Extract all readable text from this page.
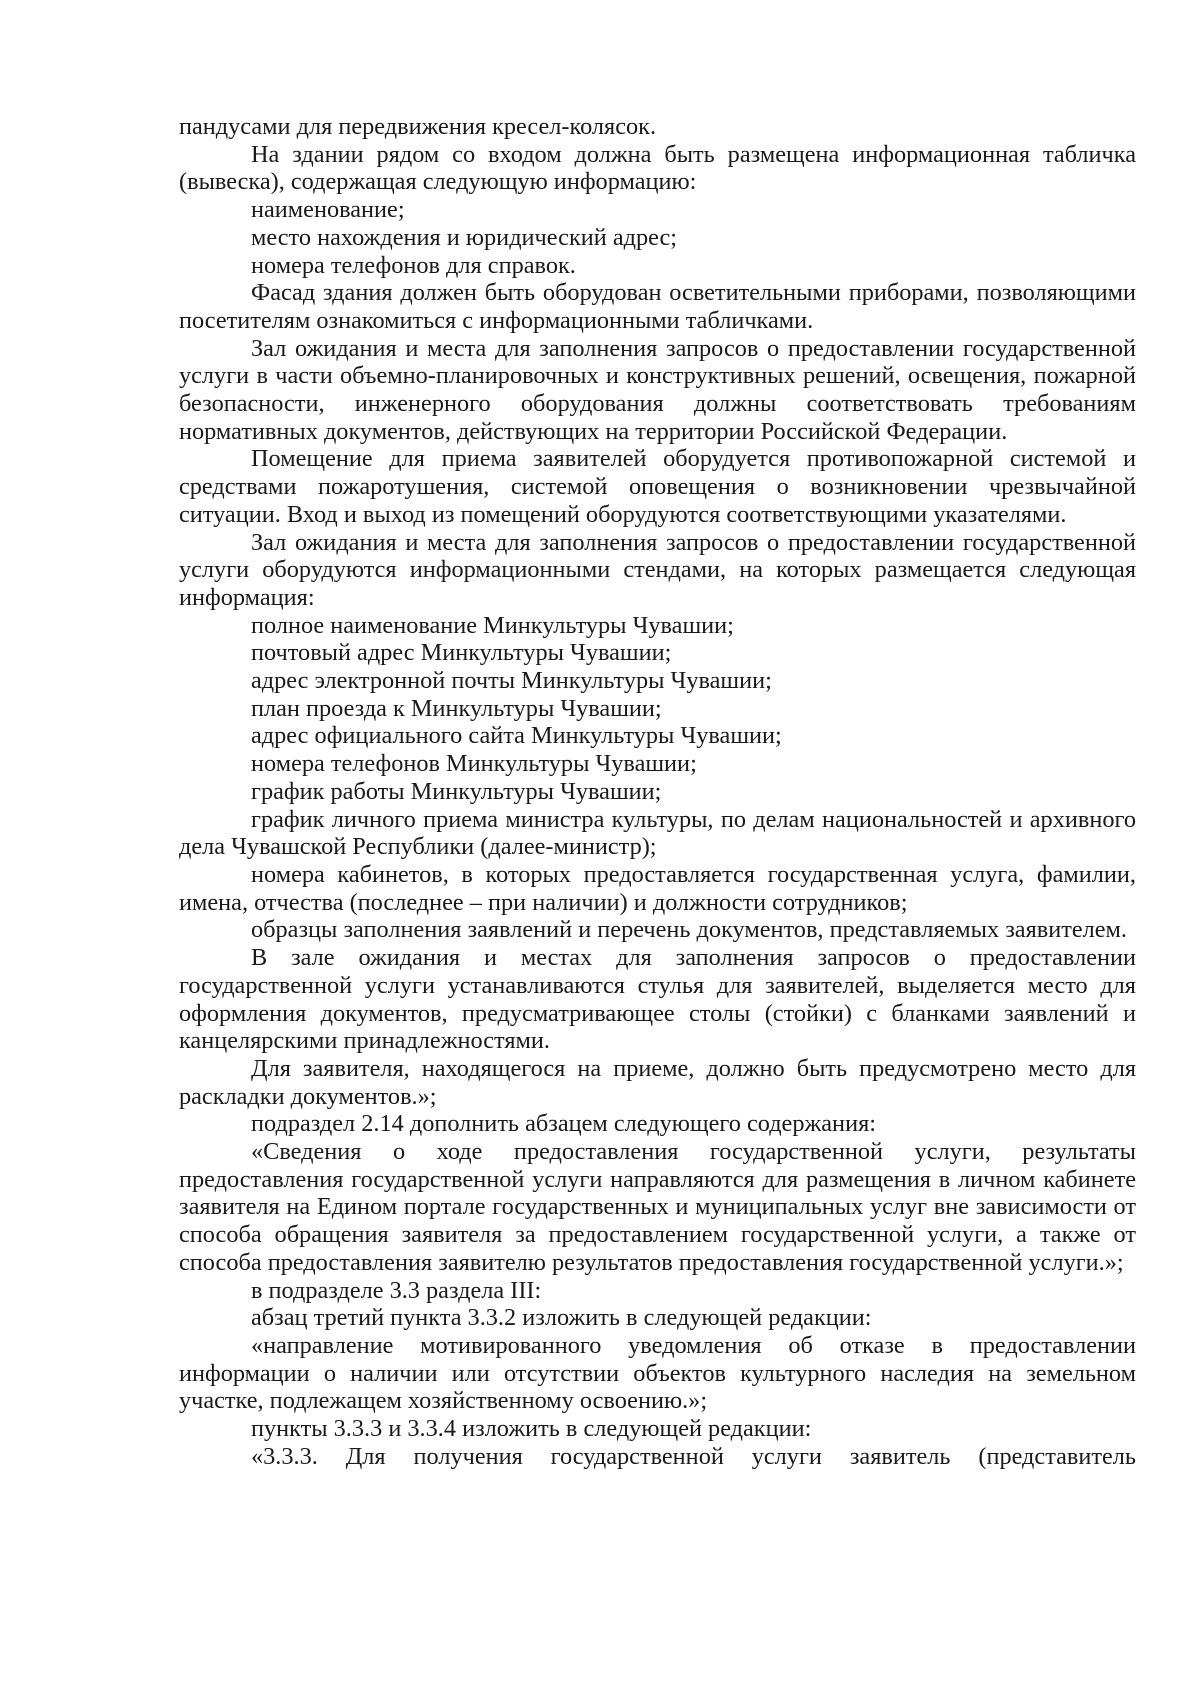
пандусами для передвижения кресел-колясок.

На здании рядом со входом должна быть размещена информационная табличка (вывеска), содержащая следующую информацию:

наименование;

место нахождения и юридический адрес;

номера телефонов для справок.

Фасад здания должен быть оборудован осветительными приборами, позволяющими посетителям ознакомиться с информационными табличками.

Зал ожидания и места для заполнения запросов о предоставлении государственной услуги в части объемно-планировочных и конструктивных решений, освещения, пожарной безопасности, инженерного оборудования должны соответствовать требованиям нормативных документов, действующих на территории Российской Федерации.

Помещение для приема заявителей оборудуется противопожарной системой и средствами пожаротушения, системой оповещения о возникновении чрезвычайной ситуации. Вход и выход из помещений оборудуются соответствующими указателями.

Зал ожидания и места для заполнения запросов о предоставлении государственной услуги оборудуются информационными стендами, на которых размещается следующая информация:

полное наименование Минкультуры Чувашии;

почтовый адрес Минкультуры Чувашии;

адрес электронной почты Минкультуры Чувашии;

план проезда к Минкультуры Чувашии;

адрес официального сайта Минкультуры Чувашии;

номера телефонов Минкультуры Чувашии;

график работы Минкультуры Чувашии;

график личного приема министра культуры, по делам национальностей и архивного дела Чувашской Республики (далее-министр);

номера кабинетов, в которых предоставляется государственная услуга, фамилии, имена, отчества (последнее – при наличии) и должности сотрудников;

образцы заполнения заявлений и перечень документов, представляемых заявителем.

В зале ожидания и местах для заполнения запросов о предоставлении государственной услуги устанавливаются стулья для заявителей, выделяется место для оформления документов, предусматривающее столы (стойки) с бланками заявлений и канцелярскими принадлежностями.

Для заявителя, находящегося на приеме, должно быть предусмотрено место для раскладки документов.»;

подраздел 2.14 дополнить абзацем следующего содержания:

«Сведения о ходе предоставления государственной услуги, результаты предоставления государственной услуги направляются для размещения в личном кабинете заявителя на Едином портале государственных и муниципальных услуг вне зависимости от способа обращения заявителя за предоставлением государственной услуги, а также от способа предоставления заявителю результатов предоставления государственной услуги.»;

в подразделе 3.3 раздела III:

абзац третий пункта 3.3.2 изложить в следующей редакции:

«направление мотивированного уведомления об отказе в предоставлении информации о наличии или отсутствии объектов культурного наследия на земельном участке, подлежащем хозяйственному освоению.»;

пункты 3.3.3 и 3.3.4 изложить в следующей редакции:

«3.3.3. Для получения государственной услуги заявитель (представитель
